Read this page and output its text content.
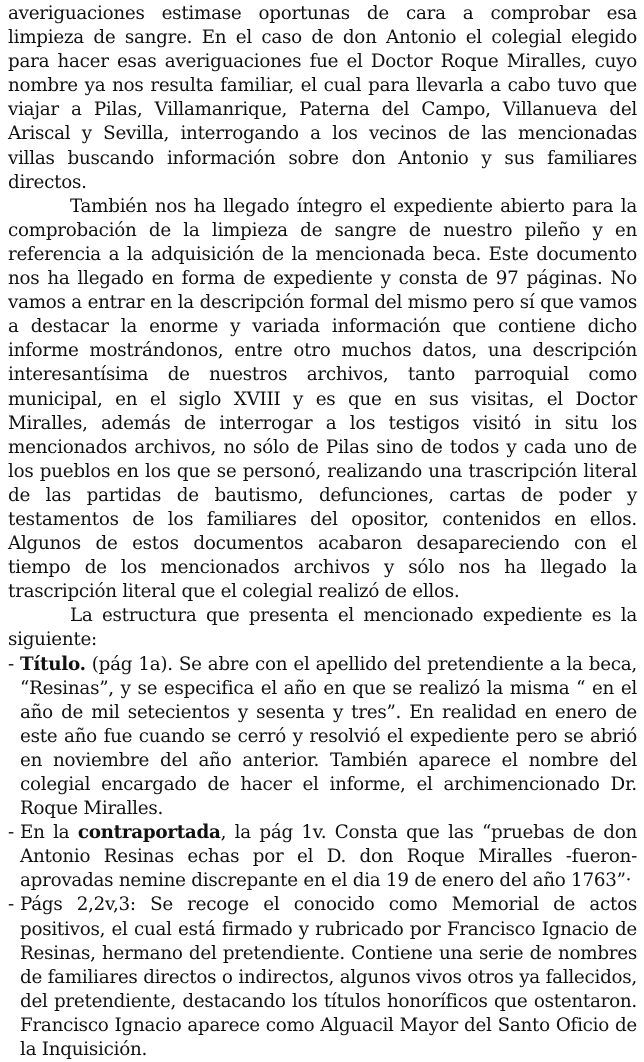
averiguaciones estimase oportunas de cara a comprobar esa limpieza de sangre. En el caso de don Antonio el colegial elegido para hacer esas averiguaciones fue el Doctor Roque Miralles, cuyo nombre ya nos resulta familiar, el cual para llevarla a cabo tuvo que viajar a Pilas, Villamanrique, Paterna del Campo, Villanueva del Ariscal y Sevilla, interrogando a los vecinos de las mencionadas villas buscando información sobre don Antonio y sus familiares directos.

También nos ha llegado íntegro el expediente abierto para la comprobación de la limpieza de sangre de nuestro pileño y en referencia a la adquisición de la mencionada beca. Este documento nos ha llegado en forma de expediente y consta de 97 páginas. No vamos a entrar en la descripción formal del mismo pero sí que vamos a destacar la enorme y variada información que contiene dicho informe mostrándonos, entre otro muchos datos, una descripción interesantísima de nuestros archivos, tanto parroquial como municipal, en el siglo XVIII y es que en sus visitas, el Doctor Miralles, además de interrogar a los testigos visitó in situ los mencionados archivos, no sólo de Pilas sino de todos y cada uno de los pueblos en los que se personó, realizando una trascripción literal de las partidas de bautismo, defunciones, cartas de poder y testamentos de los familiares del opositor, contenidos en ellos. Algunos de estos documentos acabaron desapareciendo con el tiempo de los mencionados archivos y sólo nos ha llegado la trascripción literal que el colegial realizó de ellos.

La estructura que presenta el mencionado expediente es la siguiente:

- Título. (pág 1a). Se abre con el apellido del pretendiente a la beca, “Resinas”, y se especifica el año en que se realizó la misma “ en el año de mil setecientos y sesenta y tres”. En realidad en enero de este año fue cuando se cerró y resolvió el expediente pero se abrió en noviembre del año anterior. También aparece el nombre del colegial encargado de hacer el informe, el archimencionado Dr. Roque Miralles.

- En la contraportada, la pág 1v. Consta que las “pruebas de don Antonio Resinas echas por el D. don Roque Miralles -fueron- aprovadas nemine discrepante en el dia 19 de enero del año 1763”·

- Págs 2,2v,3: Se recoge el conocido como Memorial de actos positivos, el cual está firmado y rubricado por Francisco Ignacio de Resinas, hermano del pretendiente. Contiene una serie de nombres de familiares directos o indirectos, algunos vivos otros ya fallecidos, del pretendiente, destacando los títulos honoríficos que ostentaron. Francisco Ignacio aparece como Alguacil Mayor del Santo Oficio de la Inquisición.
